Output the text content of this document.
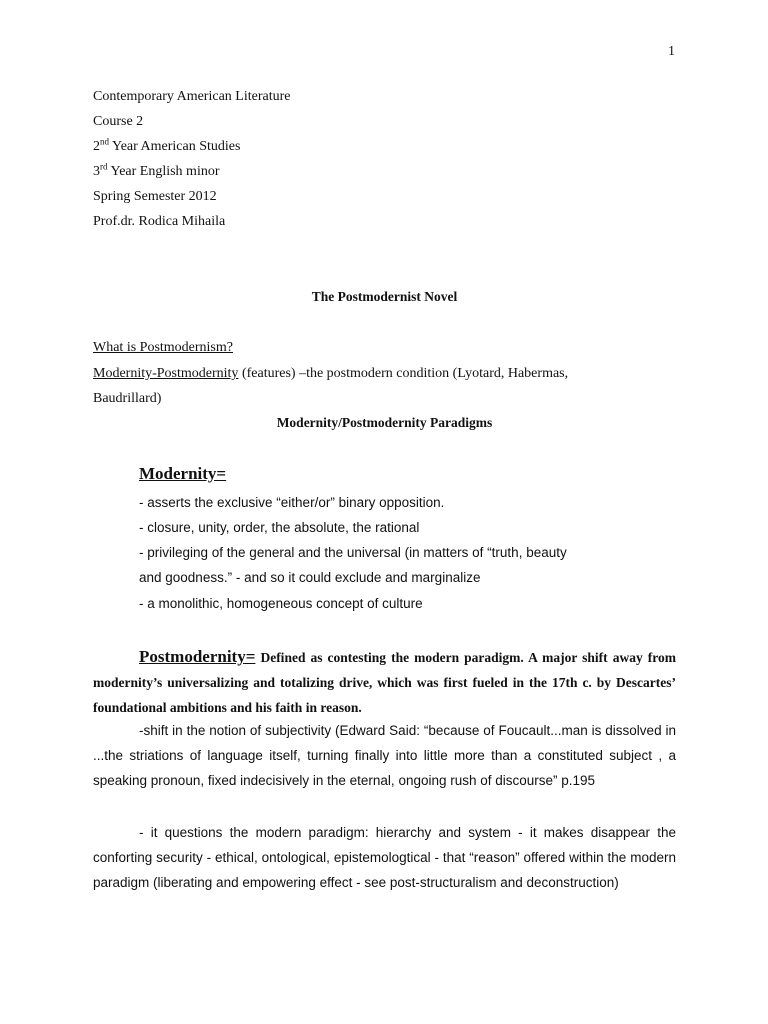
1
Contemporary American Literature
Course 2
2nd Year American Studies
3rd Year English minor
Spring Semester 2012
Prof.dr. Rodica Mihaila
The Postmodernist Novel
What is Postmodernism?
Modernity-Postmodernity (features) –the postmodern condition (Lyotard, Habermas,
Baudrillard)
Modernity/Postmodernity Paradigms
Modernity=
- asserts the exclusive “either/or” binary opposition.
- closure, unity, order, the absolute, the rational
- privileging of the general and the universal (in matters of “truth, beauty
and goodness.” - and so it could exclude and marginalize
- a monolithic, homogeneous concept of culture
Postmodernity= Defined as contesting the modern paradigm. A major shift away from modernity’s universalizing and totalizing drive, which was first fueled in the 17th c. by Descartes’ foundational ambitions and his faith in reason.
-shift in the notion of subjectivity (Edward Said: “because of Foucault...man is dissolved in ...the striations of language itself, turning finally into little more than a constituted subject , a speaking pronoun, fixed indecisively in the eternal, ongoing rush of discourse” p.195
- it questions the modern paradigm: hierarchy and system - it makes disappear the conforting security - ethical, ontological, epistemologtical - that “reason” offered within the modern paradigm (liberating and empowering effect - see post-structuralism and deconstruction)
